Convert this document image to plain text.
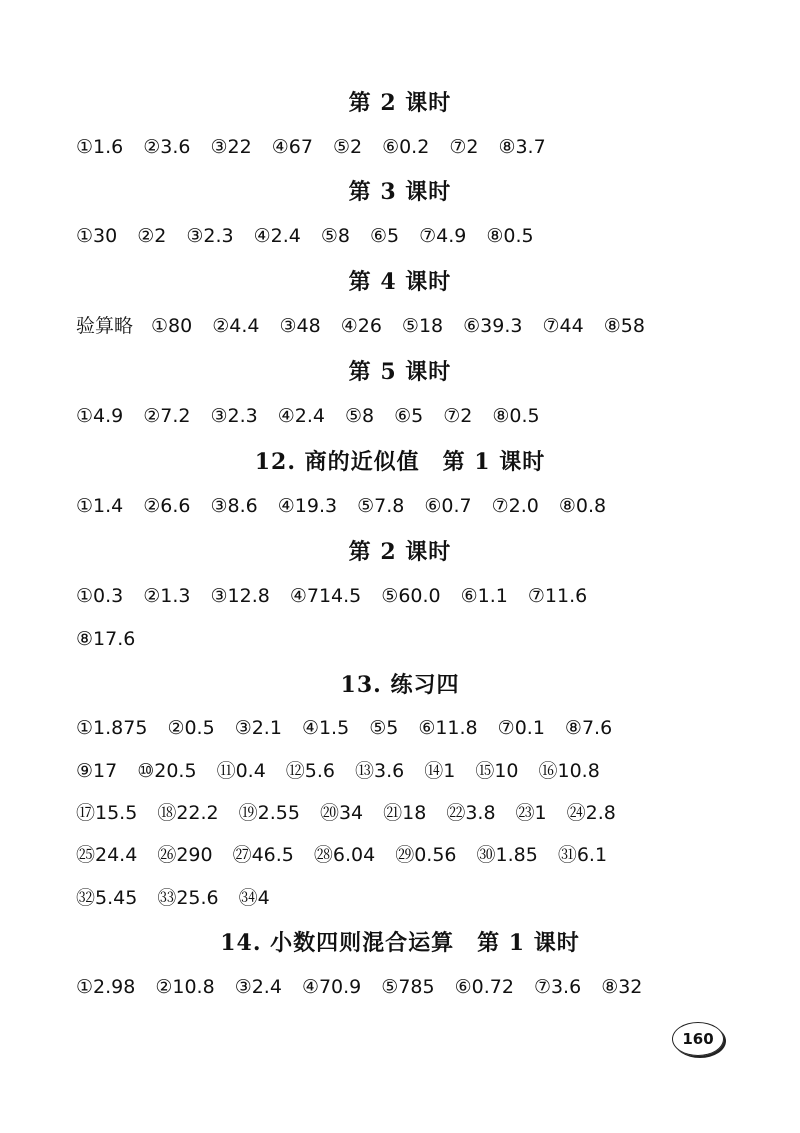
第 2 课时
①1.6 ②3.6 ③22 ④67 ⑤2 ⑥0.2 ⑦2 ⑧3.7
第 3 课时
①30 ②2 ③2.3 ④2.4 ⑤8 ⑥5 ⑦4.9 ⑧0.5
第 4 课时
验算略 ①80 ②4.4 ③48 ④26 ⑤18 ⑥39.3 ⑦44 ⑧58
第 5 课时
①4.9 ②7.2 ③2.3 ④2.4 ⑤8 ⑥5 ⑦2 ⑧0.5
12. 商的近似值　第 1 课时
①1.4 ②6.6 ③8.6 ④19.3 ⑤7.8 ⑥0.7 ⑦2.0 ⑧0.8
第 2 课时
①0.3 ②1.3 ③12.8 ④714.5 ⑤60.0 ⑥1.1 ⑦11.6
⑧17.6
13. 练习四
①1.875 ②0.5 ③2.1 ④1.5 ⑤5 ⑥11.8 ⑦0.1 ⑧7.6
⑨17 ⑩20.5 ⑪0.4 ⑫5.6 ⑬3.6 ⑭1 ⑮10 ⑯10.8
⑰15.5 ⑱22.2 ⑲2.55 ⑳34 ㉑18 ㉒3.8 ㉓1 ㉔2.8
㉕24.4 ㉖290 ㉗46.5 ㉘6.04 ㉙0.56 ㉚1.85 ㉛6.1
㉜5.45 ㉝25.6 ㉞4
14. 小数四则混合运算　第 1 课时
①2.98 ②10.8 ③2.4 ④70.9 ⑤785 ⑥0.72 ⑦3.6 ⑧32
160
